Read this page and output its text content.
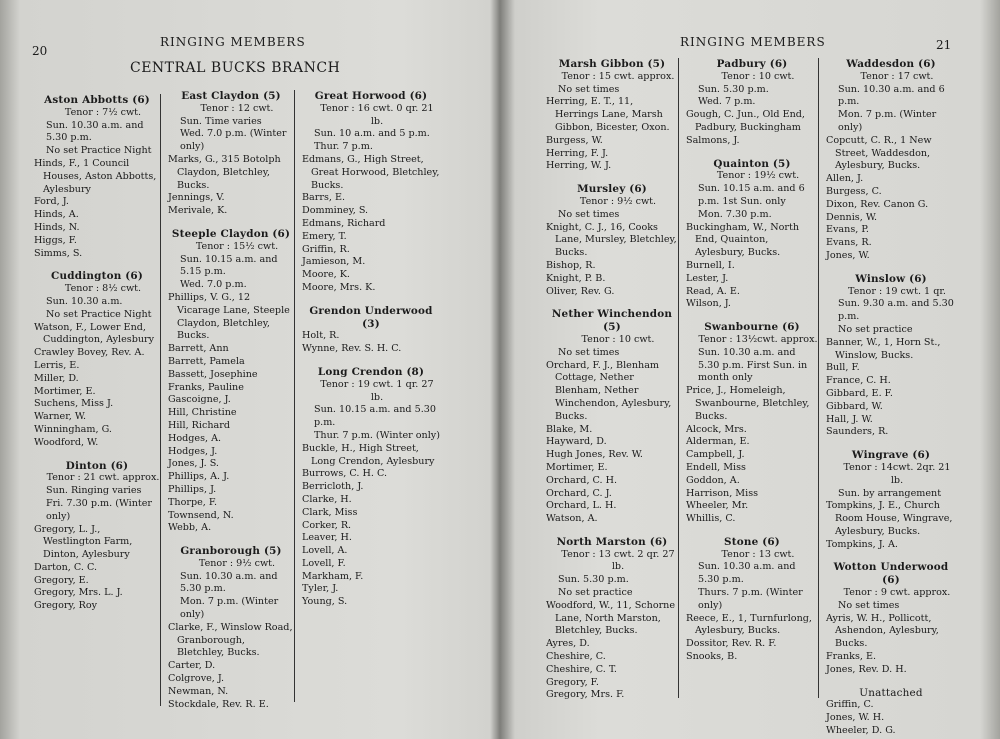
20
RINGING MEMBERS
CENTRAL BUCKS BRANCH
Aston Abbotts (6)
Tenor : 7½ cwt.
Sun. 10.30 a.m. and 5.30 p.m.
No set Practice Night
Hinds, F., 1 Council Houses, Aston Abbotts, Aylesbury
Ford, J.
Hinds, A.
Hinds, N.
Higgs, F.
Simms, S.
Cuddington (6)
Tenor : 8½ cwt.
Sun. 10.30 a.m.
No set Practice Night
Watson, F., Lower End, Cuddington, Aylesbury
Crawley Bovey, Rev. A.
Lerris, E.
Miller, D.
Mortimer, E.
Suchens, Miss J.
Warner, W.
Winningham, G.
Woodford, W.
Dinton (6)
Tenor : 21 cwt. approx.
Sun. Ringing varies
Fri. 7.30 p.m. (Winter only)
Gregory, L. J., Westlington Farm, Dinton, Aylesbury
Darton, C. C.
Gregory, E.
Gregory, Mrs. L. J.
Gregory, Roy
East Claydon (5)
Tenor : 12 cwt.
Sun. Time varies
Wed. 7.0 p.m. (Winter only)
Marks, G., 315 Botolph Claydon, Bletchley, Bucks.
Jennings, V.
Merivale, K.
Steeple Claydon (6)
Tenor : 15½ cwt.
Sun. 10.15 a.m. and 5.15 p.m.
Wed. 7.0 p.m.
Phillips, V. G., 12 Vicarage Lane, Steeple Claydon, Bletchley, Bucks.
Barrett, Ann
Barrett, Pamela
Bassett, Josephine
Franks, Pauline
Gascoigne, J.
Hill, Christine
Hill, Richard
Hodges, A.
Hodges, J.
Jones, J. S.
Phillips, A. J.
Phillips, J.
Thorpe, F.
Townsend, N.
Webb, A.
Granborough (5)
Tenor : 9½ cwt.
Sun. 10.30 a.m. and 5.30 p.m.
Mon. 7 p.m. (Winter only)
Clarke, F., Winslow Road, Granborough, Bletchley, Bucks.
Carter, D.
Colgrove, J.
Newman, N.
Stockdale, Rev. R. E.
Great Horwood (6)
Tenor : 16 cwt. 0 qr. 21 lb.
Sun. 10 a.m. and 5 p.m.
Thur. 7 p.m.
Edmans, G., High Street, Great Horwood, Bletchley, Bucks.
Barrs, E.
Domminey, S.
Edmans, Richard
Emery, T.
Griffin, R.
Jamieson, M.
Moore, K.
Moore, Mrs. K.
Grendon Underwood (3)
Holt, R.
Wynne, Rev. S. H. C.
Long Crendon (8)
Tenor : 19 cwt. 1 qr. 27 lb.
Sun. 10.15 a.m. and 5.30 p.m.
Thur. 7 p.m. (Winter only)
Buckle, H., High Street, Long Crendon, Aylesbury
Burrows, C. H. C.
Berricloth, J.
Clarke, H.
Clark, Miss
Corker, R.
Leaver, H.
Lovell, A.
Lovell, F.
Markham, F.
Tyler, J.
Young, S.
RINGING MEMBERS	21
Marsh Gibbon (5)
Tenor : 15 cwt. approx.
No set times
Herring, E. T., 11, Herrings Lane, Marsh Gibbon, Bicester, Oxon.
Burgess, W.
Herring, F. J.
Herring, W. J.
Mursley (6)
Tenor : 9½ cwt.
No set times
Knight, C. J., 16, Cooks Lane, Mursley, Bletchley, Bucks.
Bishop, R.
Knight, P. B.
Oliver, Rev. G.
Nether Winchendon (5)
Tenor : 10 cwt.
No set times
Orchard, F. J., Blenham Cottage, Nether Blenham, Nether Winchendon, Aylesbury, Bucks.
Blake, M.
Hayward, D.
Hugh Jones, Rev. W.
Mortimer, E.
Orchard, C. H.
Orchard, C. J.
Orchard, L. H.
Watson, A.
North Marston (6)
Tenor : 13 cwt. 2 qr. 27 lb.
Sun. 5.30 p.m.
No set practice
Woodford, W., 11, Schorne Lane, North Marston, Bletchley, Bucks.
Ayres, D.
Cheshire, C.
Cheshire, C. T.
Gregory, F.
Gregory, Mrs. F.
Padbury (6)
Tenor : 10 cwt.
Sun. 5.30 p.m.
Wed. 7 p.m.
Gough, C. Jun., Old End, Padbury, Buckingham
Salmons, J.
Quainton (5)
Tenor : 19½ cwt.
Sun. 10.15 a.m. and 6 p.m. 1st Sun. only
Mon. 7.30 p.m.
Buckingham, W., North End, Quainton, Aylesbury, Bucks.
Burnell, I.
Lester, J.
Read, A. E.
Wilson, J.
Swanbourne (6)
Tenor : 13½cwt. approx.
Sun. 10.30 a.m. and 5.30 p.m. First Sun. in month only
Price, J., Homeleigh, Swanbourne, Bletchley, Bucks.
Alcock, Mrs.
Alderman, E.
Campbell, J.
Endell, Miss
Goddon, A.
Harrison, Miss
Wheeler, Mr.
Whillis, C.
Stone (6)
Tenor : 13 cwt.
Sun. 10.30 a.m. and 5.30 p.m.
Thurs. 7 p.m. (Winter only)
Reece, E., 1, Turnfurlong, Aylesbury, Bucks.
Dossitor, Rev. R. F.
Snooks, B.
Waddesdon (6)
Tenor : 17 cwt.
Sun. 10.30 a.m. and 6 p.m.
Mon. 7 p.m. (Winter only)
Copcutt, C. R., 1 New Street, Waddesdon, Aylesbury, Bucks.
Allen, J.
Burgess, C.
Dixon, Rev. Canon G.
Dennis, W.
Evans, P.
Evans, R.
Jones, W.
Winslow (6)
Tenor : 19 cwt. 1 qr.
Sun. 9.30 a.m. and 5.30 p.m.
No set practice
Banner, W., 1, Horn St., Winslow, Bucks.
Bull, F.
France, C. H.
Gibbard, E. F.
Gibbard, W.
Hall, J. W.
Saunders, R.
Wingrave (6)
Tenor : 14cwt. 2qr. 21 lb.
Sun. by arrangement
Tompkins, J. E., Church Room House, Wingrave, Aylesbury, Bucks.
Tompkins, J. A.
Wotton Underwood (6)
Tenor : 9 cwt. approx.
No set times
Ayris, W. H., Pollicott, Ashendon, Aylesbury, Bucks.
Franks, E.
Jones, Rev. D. H.
Unattached
Griffin, C.
Jones, W. H.
Wheeler, D. G.
